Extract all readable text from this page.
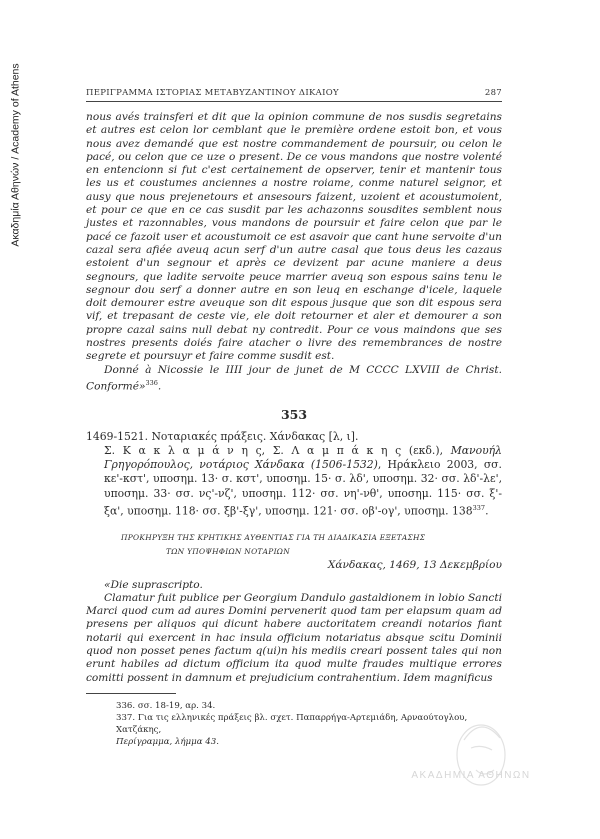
Ακαδημία Αθηνών / Academy of Athens	ΠΕΡΙΓΡΑΜΜΑ ΙΣΤΟΡΙΑΣ ΜΕΤΑΒΥΖΑΝΤΙΝΟΥ ΔΙΚΑΙΟΥ	287

nous avés trainsferi et dit que la opinion commune de nos susdis segretains et autres est celon lor cemblant que le première ordene estoit bon, et vous nous avez demandé que est nostre commandement de poursuir, ou celon le pacé, ou celon que ce uze o present. De ce vous mandons que nostre volenté en entencionn si fut c'est certainement de opserver, tenir et mantenir tous les us et coustumes anciennes a nostre roiame, conme naturel seignor, et ausy que nous prejenetours et ansesours faizent, uzoient et acoustumoient, et pour ce que en ce cas susdit par les achazonns sousdites semblent nous justes et razonnables, vous mandons de poursuir et faire celon que par le pacé ce fazoit user et acoustumoit ce est asavoir que cant hune servoite d'un cazal sera afiée aveuq acun serf d'un autre casal que tous deus les cazaus estoient d'un segnour et après ce devizent par acune maniere a deus segnours, que ladite servoite peuce marrier aveuq son espous sains tenu le segnour dou serf a donner autre en son leuq en eschange d'icele, laquele doit demourer estre aveuque son dit espous jusque que son dit espous sera vif, et trepasant de ceste vie, ele doit retourner et aler et demourer a son propre cazal sains null debat ny contredit. Pour ce vous maindons que ses nostres presents doiés faire atacher o livre des remembrances de nostre segrete et poursuyr et faire comme susdit est.

Donné à Nicossie le IIII jour de junet de M CCCC LXVIII de Christ. Conformé»$^{336}$.

353

1469-1521. Νοταριακές πράξεις. Χάνδακας [λ, ι].

Σ. Κ α κ λ α μ ά ν η ς, Σ. Λ α μ π ά κ η ς (εκδ.), Μανουήλ Γρηγορόπουλος, νοτάριος Χάνδακα (1506-1532), Ηράκλειο 2003, σσ. κε'-κστ', υποσημ. 13· σ. κστ', υποσημ. 15· σ. λδ', υποσημ. 32· σσ. λδ'-λε', υποσημ. 33· σσ. νς'-νζ', υποσημ. 112· σσ. νη'-νθ', υποσημ. 115· σσ. ξ'-ξα', υποσημ. 118· σσ. ξβ'-ξγ', υποσημ. 121· σσ. οβ'-ογ', υποσημ. $138^{337}$.

ΠΡΟΚΗΡΥΞΗ ΤΗΣ ΚΡΗΤΙΚΗΣ ΑΥΘΕΝΤΙΑΣ ΓΙΑ ΤΗ ΔΙΑΔΙΚΑΣΙΑ ΕΞΕΤΑΣΗΣ

ΤΩΝ ΥΠΟΨΗΦΙΩΝ ΝΟΤΑΡΙΩΝ

Χάνδακας, 1469, 13 Δεκεμβρίου

«Die suprascripto.

Clamatur fuit publice per Georgium Dandulo gastaldionem in lobio Sancti Marci quod cum ad aures Domini pervenerit quod tam per elapsum quam ad presens per aliquos qui dicunt habere auctoritatem creandi notarios fiant notarii qui exercent in hac insula officium notariatus absque scitu Dominii quod non posset penes factum q(ui)n his mediis creari possent tales qui non erunt habiles ad dictum officium ita quod multe fraudes multique errores comitti possent in damnum et prejudicium contrahentium. Idem magnificus

336. σσ. 18-19, αρ. 34.

337. Για τις ελληνικές πράξεις βλ. σχετ. Παπαρρήγα-Αρτεμιάδη, Αρναούτογλου, Χατζάκης,

Περίγραμμα, λήμμα 43.

ΑΚΑΔΗΜΙΑ ΑΘΗΝΩΝ
